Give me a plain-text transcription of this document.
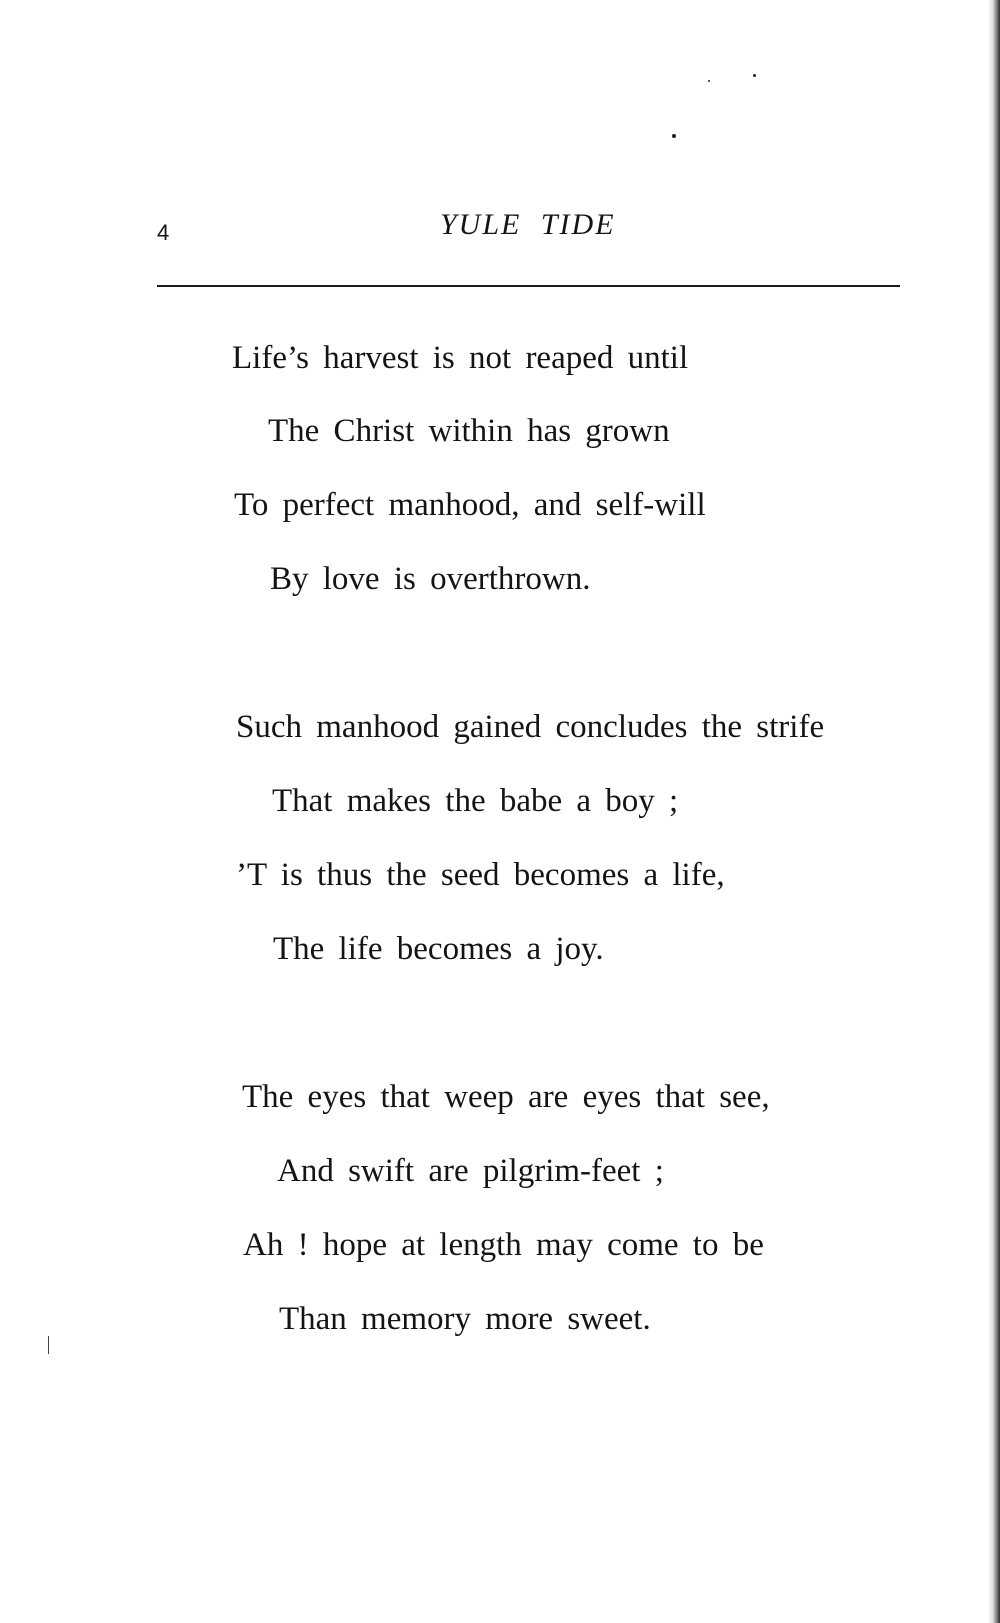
4	YULE TIDE
Life’s harvest is not reaped until
The Christ within has grown
To perfect manhood, and self-will
By love is overthrown.
Such manhood gained concludes the strife
That makes the babe a boy ;
’T is thus the seed becomes a life,
The life becomes a joy.
The eyes that weep are eyes that see,
And swift are pilgrim-feet ;
Ah ! hope at length may come to be
Than memory more sweet.
